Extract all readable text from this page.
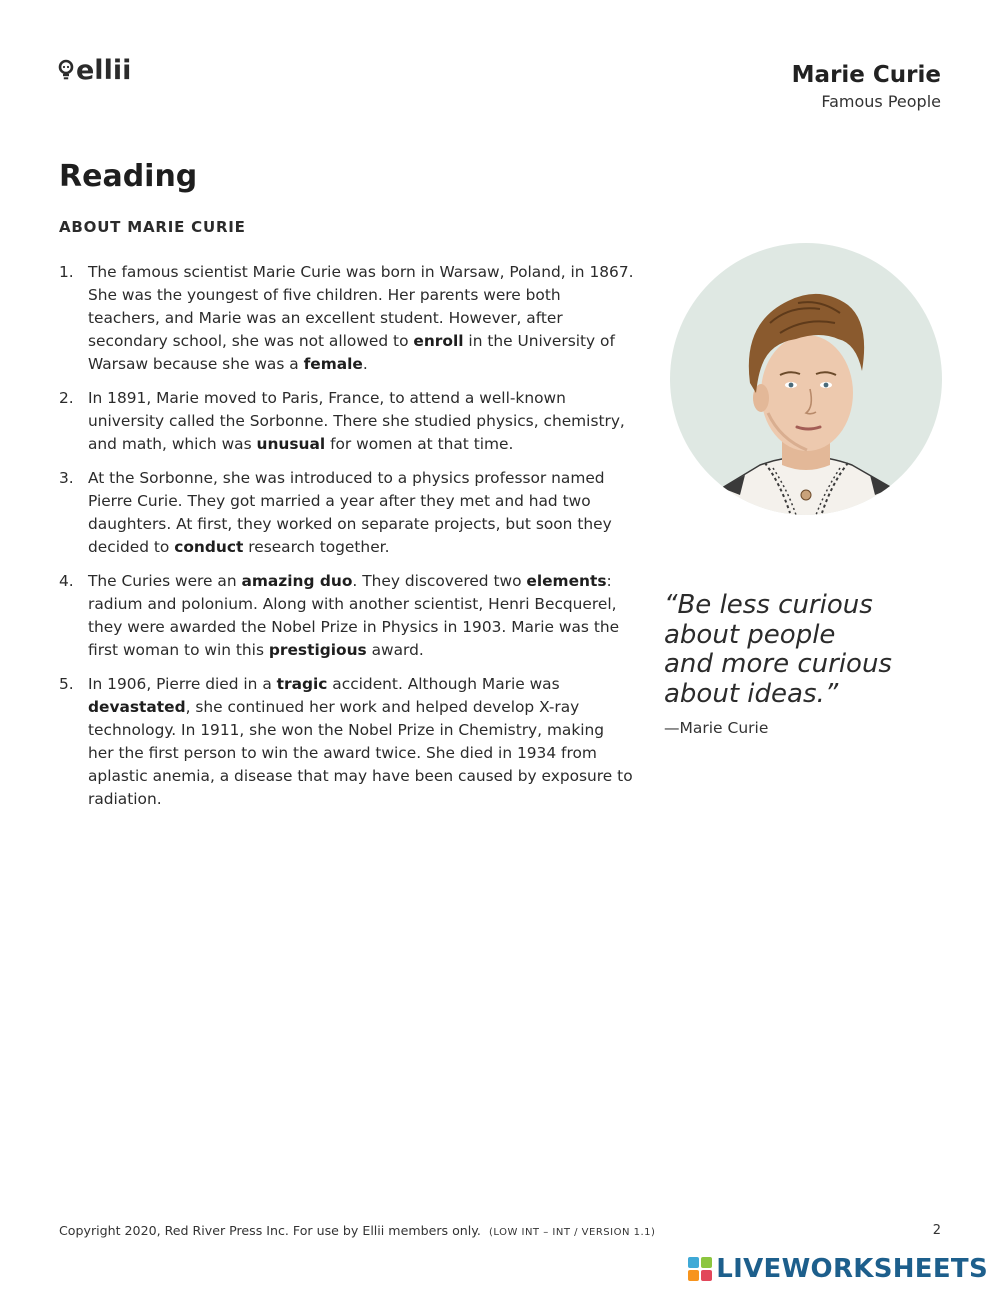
ellii	Marie Curie
Famous People
Reading
ABOUT MARIE CURIE
1. The famous scientist Marie Curie was born in Warsaw, Poland, in 1867. She was the youngest of five children. Her parents were both teachers, and Marie was an excellent student. However, after secondary school, she was not allowed to enroll in the University of Warsaw because she was a female.
2. In 1891, Marie moved to Paris, France, to attend a well-known university called the Sorbonne. There she studied physics, chemistry, and math, which was unusual for women at that time.
3. At the Sorbonne, she was introduced to a physics professor named Pierre Curie. They got married a year after they met and had two daughters. At first, they worked on separate projects, but soon they decided to conduct research together.
4. The Curies were an amazing duo. They discovered two elements: radium and polonium. Along with another scientist, Henri Becquerel, they were awarded the Nobel Prize in Physics in 1903. Marie was the first woman to win this prestigious award.
5. In 1906, Pierre died in a tragic accident. Although Marie was devastated, she continued her work and helped develop X-ray technology. In 1911, she won the Nobel Prize in Chemistry, making her the first person to win the award twice. She died in 1934 from aplastic anemia, a disease that may have been caused by exposure to radiation.

“Be less curious
about people
and more curious
about ideas.”

—Marie Curie
Copyright 2020, Red River Press Inc. For use by Ellii members only. (LOW INT – INT / VERSION 1.1)	2
LIVEWORKSHEETS
